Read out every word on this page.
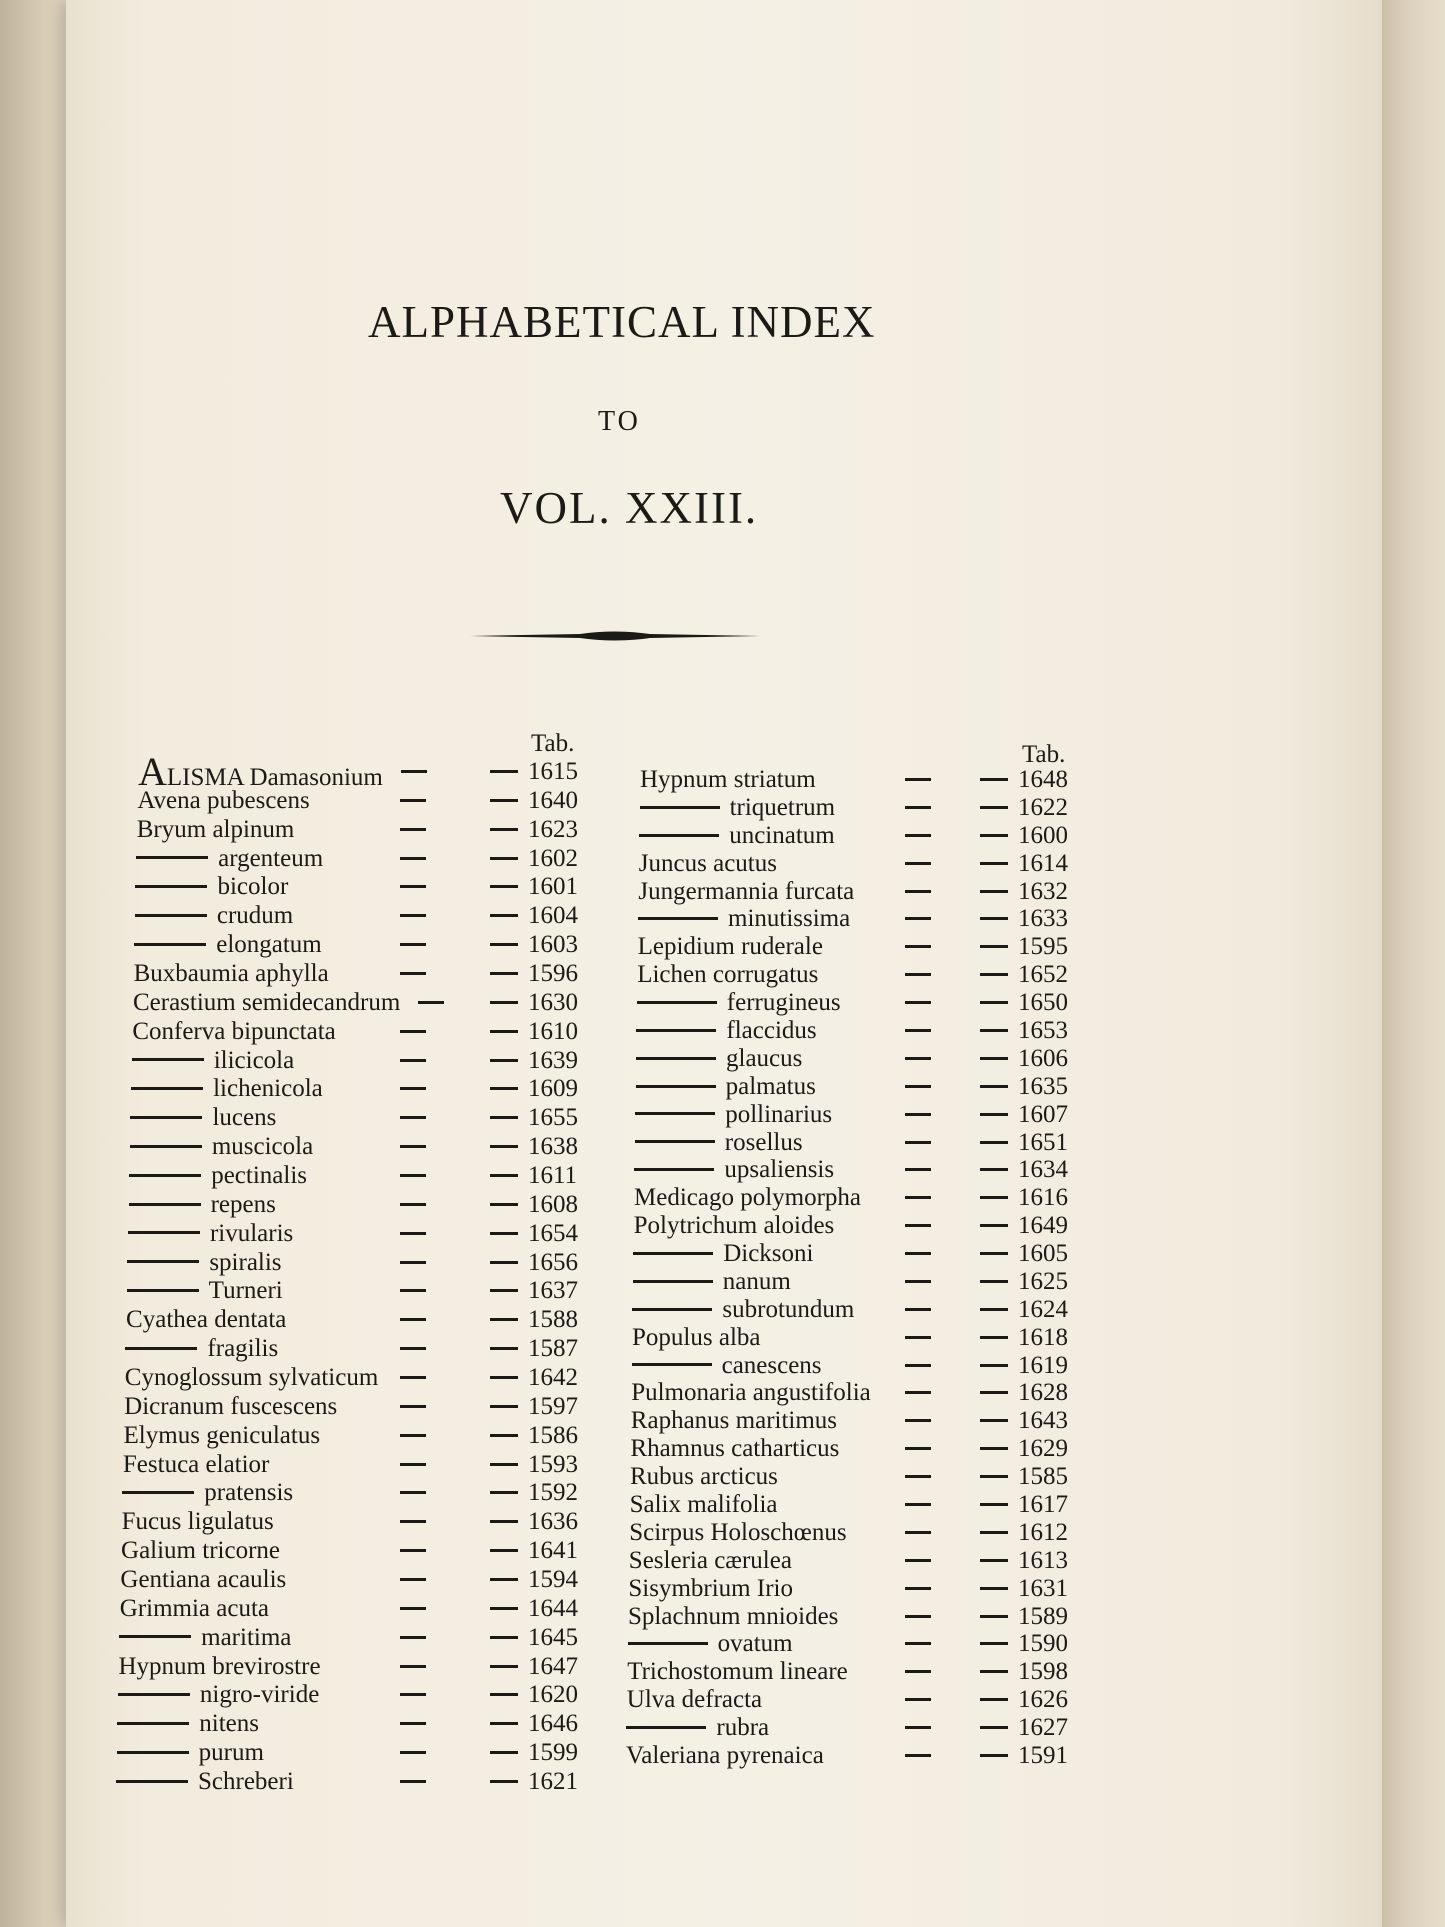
ALPHABETICAL INDEX
TO
VOL. XXIII.
Tab.	Tab.
ALISMA Damasonium	1615
Avena pubescens	1640
Bryum alpinum	1623
argenteum	1602
bicolor	1601
crudum	1604
elongatum	1603
Buxbaumia aphylla	1596
Cerastium semidecandrum	1630
Conferva bipunctata	1610
ilicicola	1639
lichenicola	1609
lucens	1655
muscicola	1638
pectinalis	1611
repens	1608
rivularis	1654
spiralis	1656
Turneri	1637
Cyathea dentata	1588
fragilis	1587
Cynoglossum sylvaticum	1642
Dicranum fuscescens	1597
Elymus geniculatus	1586
Festuca elatior	1593
pratensis	1592
Fucus ligulatus	1636
Galium tricorne	1641
Gentiana acaulis	1594
Grimmia acuta	1644
maritima	1645
Hypnum brevirostre	1647
nigro-viride	1620
nitens	1646
purum	1599
Schreberi	1621
Hypnum striatum	1648
triquetrum	1622
uncinatum	1600
Juncus acutus	1614
Jungermannia furcata	1632
minutissima	1633
Lepidium ruderale	1595
Lichen corrugatus	1652
ferrugineus	1650
flaccidus	1653
glaucus	1606
palmatus	1635
pollinarius	1607
rosellus	1651
upsaliensis	1634
Medicago polymorpha	1616
Polytrichum aloides	1649
Dicksoni	1605
nanum	1625
subrotundum	1624
Populus alba	1618
canescens	1619
Pulmonaria angustifolia	1628
Raphanus maritimus	1643
Rhamnus catharticus	1629
Rubus arcticus	1585
Salix malifolia	1617
Scirpus Holoschœnus	1612
Sesleria cærulea	1613
Sisymbrium Irio	1631
Splachnum mnioides	1589
ovatum	1590
Trichostomum lineare	1598
Ulva defracta	1626
rubra	1627
Valeriana pyrenaica	1591
